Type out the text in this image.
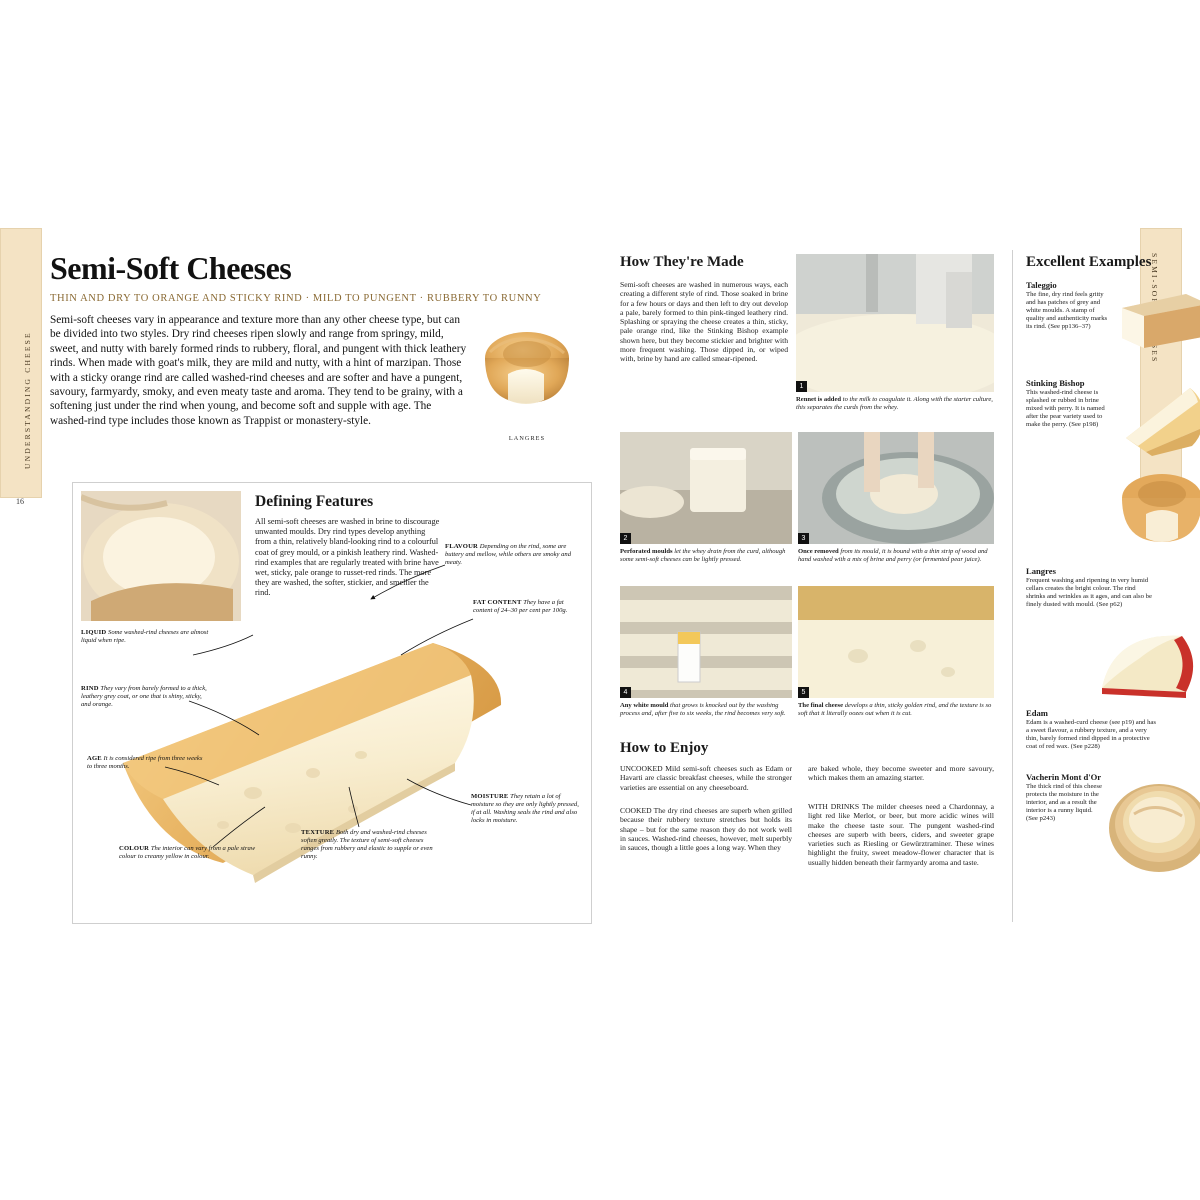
UNDERSTANDING CHEESE
16
Semi-Soft Cheeses
THIN AND DRY TO ORANGE AND STICKY RIND · MILD TO PUNGENT · RUBBERY TO RUNNY
Semi-soft cheeses vary in appearance and texture more than any other cheese type, but can be divided into two styles. Dry rind cheeses ripen slowly and range from springy, mild, sweet, and nutty with barely formed rinds to rubbery, floral, and pungent with thick leathery rinds. When made with goat's milk, they are mild and nutty, with a hint of marzipan. Those with a sticky orange rind are called washed-rind cheeses and are softer and have a pungent, savoury, farmyardy, smoky, and even meaty taste and aroma. They tend to be grainy, with a softening just under the rind when young, and become soft and supple with age. The washed-rind type includes those known as Trappist or monastery-style.
LANGRES
Defining Features
All semi-soft cheeses are washed in brine to discourage unwanted moulds. Dry rind types develop anything from a thin, relatively bland-looking rind to a colourful coat of grey mould, or a pinkish leathery rind. Washed-rind examples that are regularly treated with brine have wet, sticky, pale orange to russet-red rinds. The more they are washed, the softer, stickier, and smellier the rind.
FLAVOUR Depending on the rind, some are buttery and mellow, while others are smoky and meaty.
FAT CONTENT They have a fat content of 24–30 per cent per 100g.
MOISTURE They retain a lot of moisture so they are only lightly pressed, if at all. Washing seals the rind and also locks in moisture.
TEXTURE Both dry and washed-rind cheeses soften greatly. The texture of semi-soft cheeses ranges from rubbery and elastic to supple or even runny.
COLOUR The interior can vary from a pale straw colour to creamy yellow in colour.
AGE It is considered ripe from three weeks to three months.
RIND They vary from barely formed to a thick, leathery grey coat, or one that is shiny, sticky, and orange.
LIQUID Some washed-rind cheeses are almost liquid when ripe.
How They're Made
Semi-soft cheeses are washed in numerous ways, each creating a different style of rind. Those soaked in brine for a few hours or days and then left to dry out develop a pale, barely formed to thin pink-tinged leathery rind. Splashing or spraying the cheese creates a thin, sticky, pale orange rind, like the Stinking Bishop example shown here, but they become stickier and brighter with more frequent washing. Those dipped in, or wiped with, brine by hand are called smear-ripened.
1
Rennet is added to the milk to coagulate it. Along with the starter culture, this separates the curds from the whey.
2
Perforated moulds let the whey drain from the curd, although some semi-soft cheeses can be lightly pressed.
3
Once removed from its mould, it is bound with a thin strip of wood and hand washed with a mix of brine and perry (or fermented pear juice).
4
Any white mould that grows is knocked out by the washing process and, after five to six weeks, the rind becomes very soft.
5
The final cheese develops a thin, sticky golden rind, and the texture is so soft that it literally oozes out when it is cut.
How to Enjoy
UNCOOKED Mild semi-soft cheeses such as Edam or Havarti are classic breakfast cheeses, while the stronger varieties are essential on any cheeseboard.
COOKED The dry rind cheeses are superb when grilled because their rubbery texture stretches but holds its shape – but for the same reason they do not work well in sauces. Washed-rind cheeses, however, melt superbly in sauces, though a little goes a long way. When they
are baked whole, they become sweeter and more savoury, which makes them an amazing starter.
WITH DRINKS The milder cheeses need a Chardonnay, a light red like Merlot, or beer, but more acidic wines will make the cheese taste sour. The pungent washed-rind cheeses are superb with beers, ciders, and sweeter grape varieties such as Riesling or Gewürztraminer. These wines highlight the fruity, sweet meadow-flower character that is usually hidden beneath their farmyardy aroma and taste.
Excellent Examples
Taleggio
The fine, dry rind feels gritty and has patches of grey and white moulds. A stamp of quality and authenticity marks its rind. (See pp136–37)
Stinking Bishop
This washed-rind cheese is splashed or rubbed in brine mixed with perry. It is named after the pear variety used to make the perry. (See p198)
Langres
Frequent washing and ripening in very humid cellars creates the bright colour. The rind shrinks and wrinkles as it ages, and can also be finely dusted with mould. (See p62)
Edam
Edam is a washed-curd cheese (see p19) and has a sweet flavour, a rubbery texture, and a very thin, barely formed rind dipped in a protective coat of red wax. (See p228)
Vacherin Mont d'Or
The thick rind of this cheese protects the moisture in the interior, and as a result the interior is a runny liquid. (See p243)
